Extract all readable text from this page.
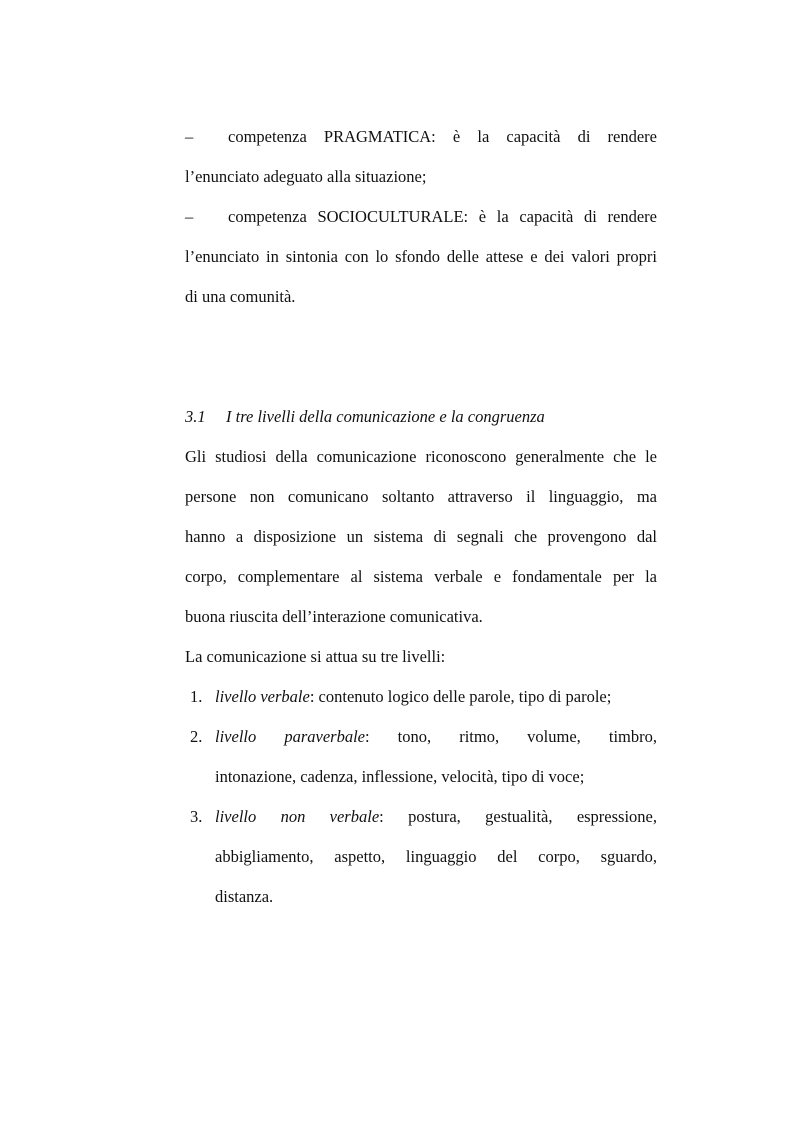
–	competenza PRAGMATICA: è la capacità di rendere
l’enunciato adeguato alla situazione;
–	competenza SOCIOCULTURALE: è la capacità di rendere
l’enunciato in sintonia con lo sfondo delle attese e dei valori propri
di una comunità.
3.1 I tre livelli della comunicazione e la congruenza
Gli studiosi della comunicazione riconoscono generalmente che le
persone non comunicano soltanto attraverso il linguaggio, ma
hanno a disposizione un sistema di segnali che provengono dal
corpo, complementare al sistema verbale e fondamentale per la
buona riuscita dell’interazione comunicativa.
La comunicazione si attua su tre livelli:
1. livello verbale: contenuto logico delle parole, tipo di parole;
2. livello paraverbale: tono, ritmo, volume, timbro,
intonazione, cadenza, inflessione, velocità, tipo di voce;
3. livello non verbale: postura, gestualità, espressione,
abbigliamento, aspetto, linguaggio del corpo, sguardo,
distanza.
